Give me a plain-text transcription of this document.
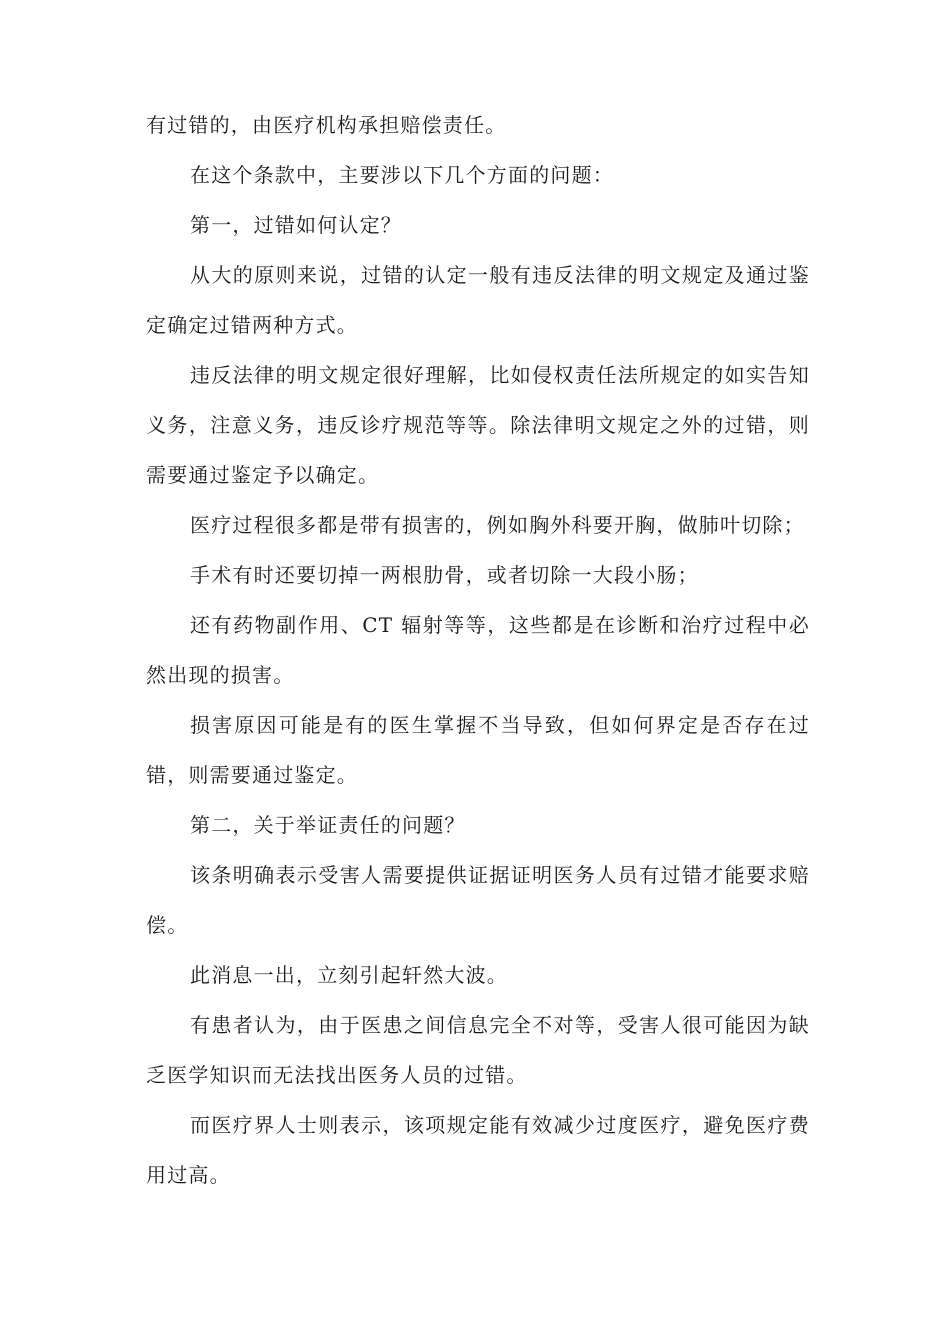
有过错的，由医疗机构承担赔偿责任。

在这个条款中，主要涉以下几个方面的问题：

第一，过错如何认定？

从大的原则来说，过错的认定一般有违反法律的明文规定及通过鉴定确定过错两种方式。

违反法律的明文规定很好理解，比如侵权责任法所规定的如实告知义务，注意义务，违反诊疗规范等等。除法律明文规定之外的过错，则需要通过鉴定予以确定。

医疗过程很多都是带有损害的，例如胸外科要开胸，做肺叶切除；

手术有时还要切掉一两根肋骨，或者切除一大段小肠；

还有药物副作用、CT 辐射等等，这些都是在诊断和治疗过程中必然出现的损害。

损害原因可能是有的医生掌握不当导致，但如何界定是否存在过错，则需要通过鉴定。

第二，关于举证责任的问题？

该条明确表示受害人需要提供证据证明医务人员有过错才能要求赔偿。

此消息一出，立刻引起轩然大波。

有患者认为，由于医患之间信息完全不对等，受害人很可能因为缺乏医学知识而无法找出医务人员的过错。

而医疗界人士则表示，该项规定能有效减少过度医疗，避免医疗费用过高。
